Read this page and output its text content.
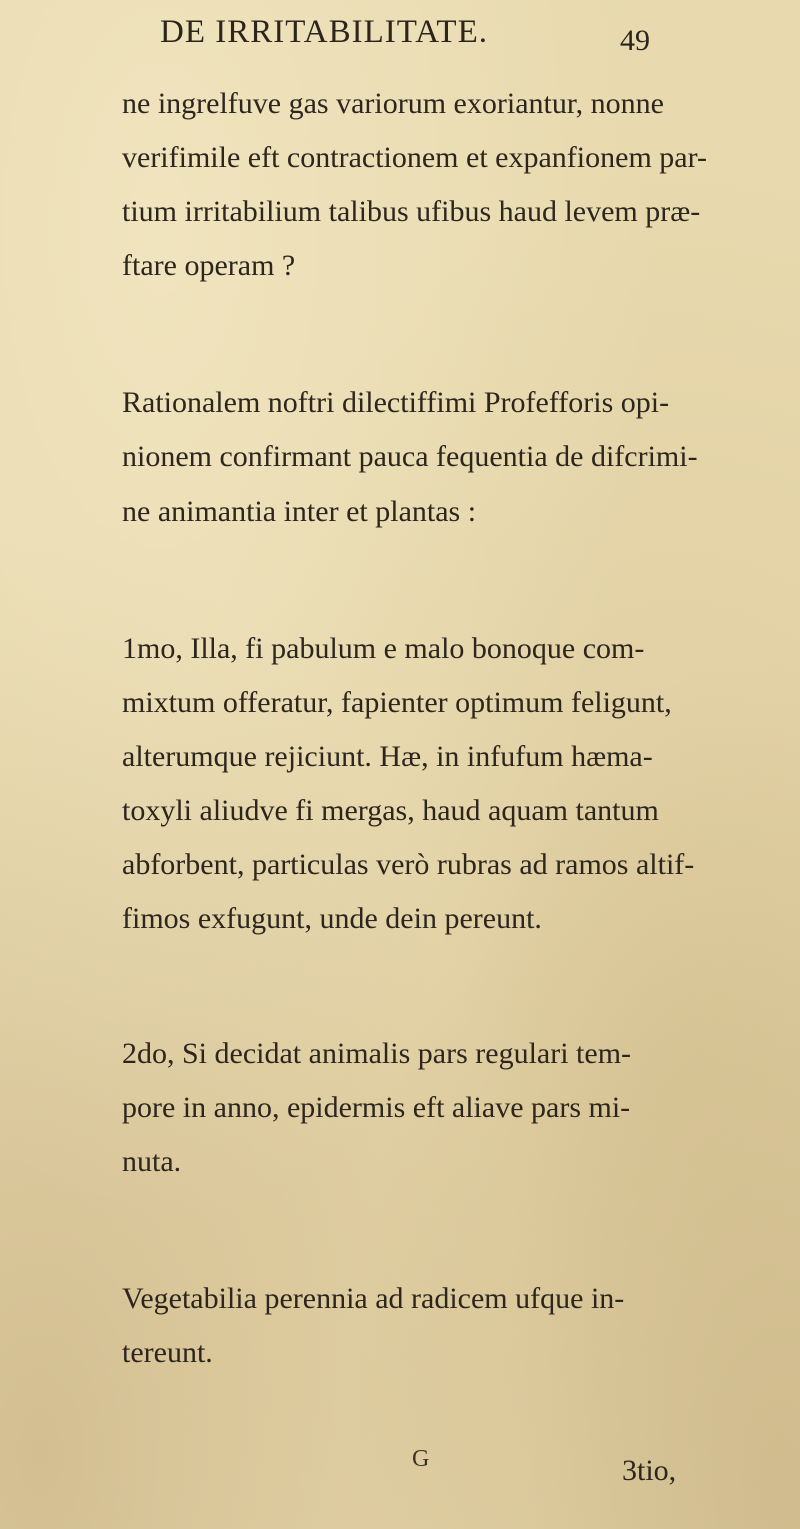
DE IRRITABILITATE.	49
ne ingrelfuve gas variorum exoriantur, nonne
verifimile eft contractionem et expanfionem par-
tium irritabilium talibus ufibus haud levem præ-
ftare operam ?
Rationalem noftri dilectiffimi Profefforis opi-
nionem confirmant pauca fequentia de difcrimi-
ne animantia inter et plantas :
1mo, Illa, fi pabulum e malo bonoque com-
mixtum offeratur, fapienter optimum feligunt,
alterumque rejiciunt. Hæ, in infufum hæma-
toxyli aliudve fi mergas, haud aquam tantum
abforbent, particulas verò rubras ad ramos altif-
fimos exfugunt, unde dein pereunt.
2do, Si decidat animalis pars regulari tem-
pore in anno, epidermis eft aliave pars mi-
nuta.
Vegetabilia perennia ad radicem ufque in-
tereunt.
G	3tio,
